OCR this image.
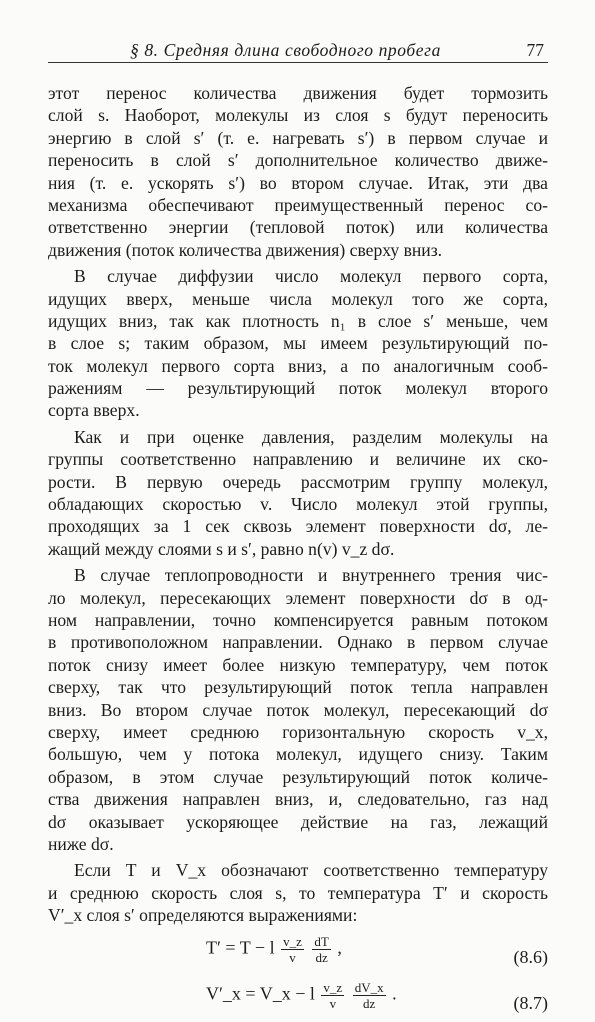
§ 8. Средняя длина свободного пробега	77
этот перенос количества движения будет тормозить
слой s. Наоборот, молекулы из слоя s будут переносить
энергию в слой s′ (т. е. нагревать s′) в первом случае и
переносить в слой s′ дополнительное количество движе-
ния (т. е. ускорять s′) во втором случае. Итак, эти два
механизма обеспечивают преимущественный перенос со-
ответственно энергии (тепловой поток) или количества
движения (поток количества движения) сверху вниз.
В случае диффузии число молекул первого сорта,
идущих вверх, меньше числа молекул того же сорта,
идущих вниз, так как плотность n₁ в слое s′ меньше, чем
в слое s; таким образом, мы имеем результирующий по-
ток молекул первого сорта вниз, а по аналогичным сооб-
ражениям — результирующий поток молекул второго
сорта вверх.
Как и при оценке давления, разделим молекулы на
группы соответственно направлению и величине их ско-
рости. В первую очередь рассмотрим группу молекул,
обладающих скоростью v. Число молекул этой группы,
проходящих за 1 сек сквозь элемент поверхности dσ, ле-
жащий между слоями s и s′, равно n(v) v_z dσ.
В случае теплопроводности и внутреннего трения чис-
ло молекул, пересекающих элемент поверхности dσ в од-
ном направлении, точно компенсируется равным потоком
в противоположном направлении. Однако в первом случае
поток снизу имеет более низкую температуру, чем поток
сверху, так что результирующий поток тепла направлен
вниз. Во втором случае поток молекул, пересекающий dσ
сверху, имеет среднюю горизонтальную скорость v_x,
большую, чем у потока молекул, идущего снизу. Таким
образом, в этом случае результирующий поток количе-
ства движения направлен вниз, и, следовательно, газ над
dσ оказывает ускоряющее действие на газ, лежащий
ниже dσ.
Если T и V_x обозначают соответственно температуру
и среднюю скорость слоя s, то температура T′ и скорость
V′_x слоя s′ определяются выражениями:
T′ = T − l $\frac{v\_z}{v}$
$\frac{dT}{dz}$ ,	(8.6)
V′_x = V_x − l $\frac{v\_z}{v}$
$\frac{dV\_x}{dz}$ .	(8.7)
